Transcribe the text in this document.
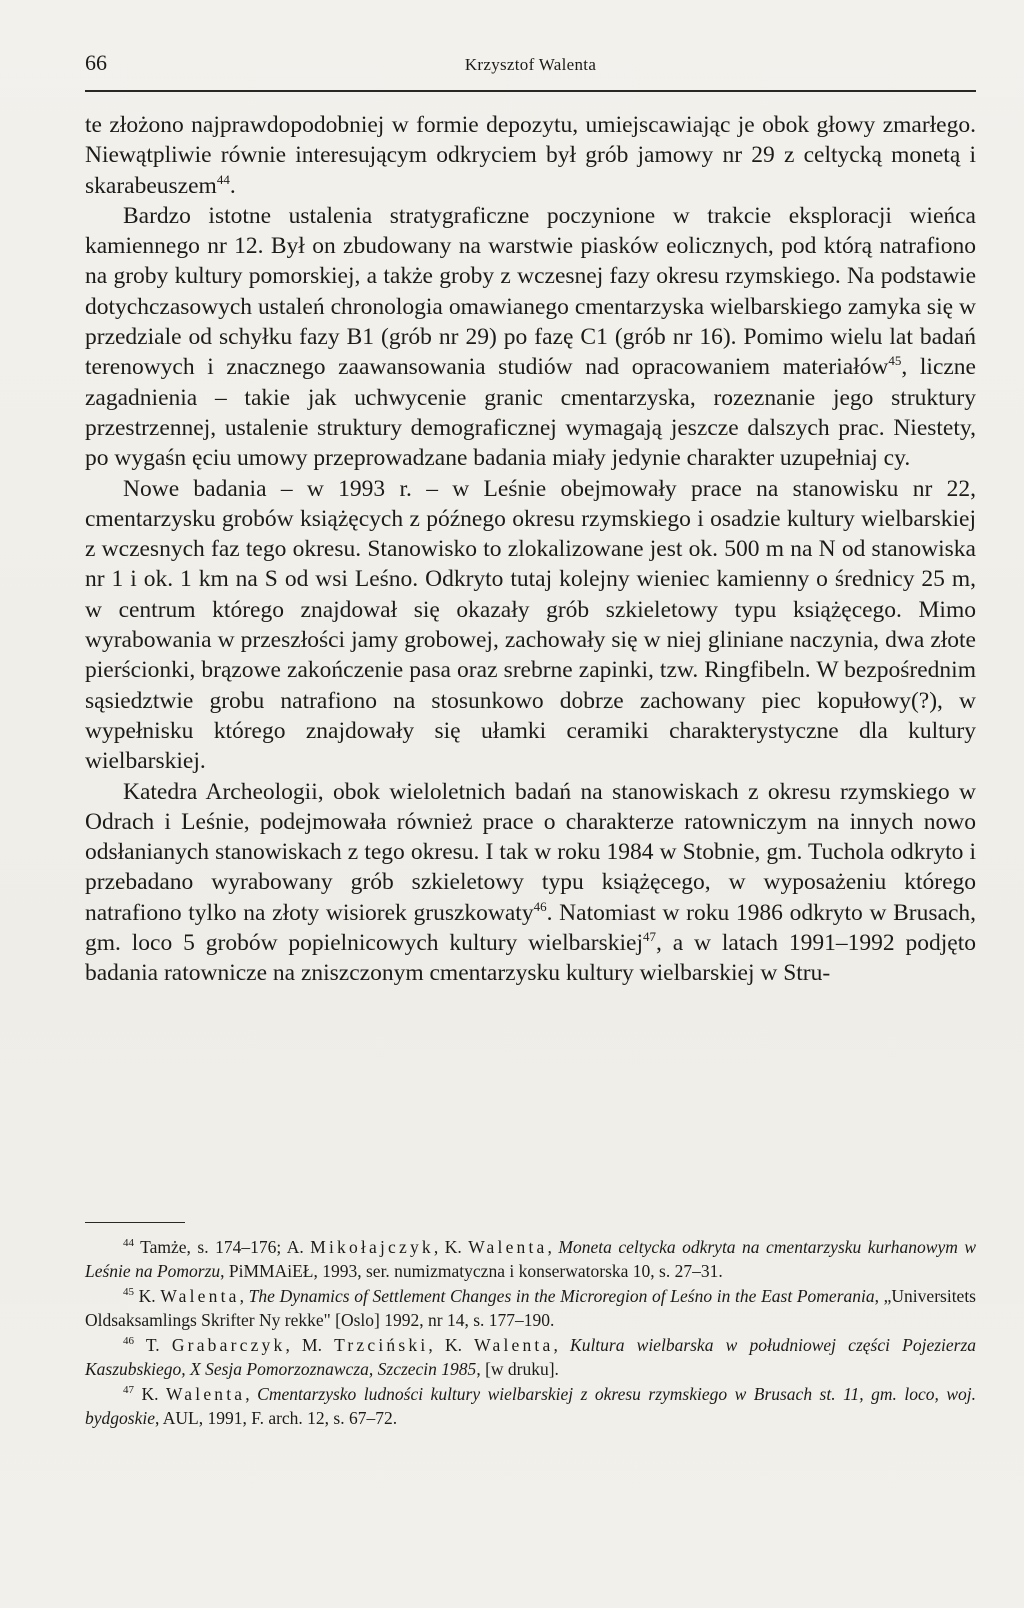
66	Krzysztof Walenta

te złożono najprawdopodobniej w formie depozytu, umiejscawiając je obok głowy zmarłego. Niewątpliwie równie interesującym odkryciem był grób jamowy nr 29 z celtycką monetą i skarabeuszem$^{44}$.

Bardzo istotne ustalenia stratygraficzne poczynione w trakcie eksploracji wieńca kamiennego nr 12. Był on zbudowany na warstwie piasków eolicznych, pod którą natrafiono na groby kultury pomorskiej, a także groby z wczesnej fazy okresu rzymskiego. Na podstawie dotychczasowych ustaleń chronologia omawianego cmentarzyska wielbarskiego zamyka się w przedziale od schyłku fazy B1 (grób nr 29) po fazę C1 (grób nr 16). Pomimo wielu lat badań terenowych i znacznego zaawansowania studiów nad opracowaniem materiałów$^{45}$, liczne zagadnienia – takie jak uchwycenie granic cmentarzyska, rozeznanie jego struktury przestrzennej, ustalenie struktury demograficznej wymagają jeszcze dalszych prac. Niestety, po wygaśn ęciu umowy przeprowadzane badania miały jedynie charakter uzupełniaj cy.

Nowe badania – w 1993 r. – w Leśnie obejmowały prace na stanowisku nr 22, cmentarzysku grobów książęcych z późnego okresu rzymskiego i osadzie kultury wielbarskiej z wczesnych faz tego okresu. Stanowisko to zlokalizowane jest ok. 500 m na N od stanowiska nr 1 i ok. 1 km na S od wsi Leśno. Odkryto tutaj kolejny wieniec kamienny o średnicy 25 m, w centrum którego znajdował się okazały grób szkieletowy typu książęcego. Mimo wyrabowania w przeszłości jamy grobowej, zachowały się w niej gliniane naczynia, dwa złote pierścionki, brązowe zakończenie pasa oraz srebrne zapinki, tzw. Ringfibeln. W bezpośrednim sąsiedztwie grobu natrafiono na stosunkowo dobrze zachowany piec kopułowy(?), w wypełnisku którego znajdowały się ułamki ceramiki charakterystyczne dla kultury wielbarskiej.

Katedra Archeologii, obok wieloletnich badań na stanowiskach z okresu rzymskiego w Odrach i Leśnie, podejmowała również prace o charakterze ratowniczym na innych nowo odsłanianych stanowiskach z tego okresu. I tak w roku 1984 w Stobnie, gm. Tuchola odkryto i przebadano wyrabowany grób szkieletowy typu książęcego, w wyposażeniu którego natrafiono tylko na złoty wisiorek gruszkowaty$^{46}$. Natomiast w roku 1986 odkryto w Brusach, gm. loco 5 grobów popielnicowych kultury wielbarskiej$^{47}$, a w latach 1991–1992 podjęto badania ratownicze na zniszczonym cmentarzysku kultury wielbarskiej w Stru-

$^{44}$ Tamże, s. 174–176; A. Mikołajczyk, K. Walenta, Moneta celtycka odkryta na cmentarzysku kurhanowym w Leśnie na Pomorzu, PiMMAiEŁ, 1993, ser. numizmatyczna i konserwatorska 10, s. 27–31.

$^{45}$ K. Walenta, The Dynamics of Settlement Changes in the Microregion of Leśno in the East Pomerania, „Universitets Oldsaksamlings Skrifter Ny rekke" [Oslo] 1992, nr 14, s. 177–190.

$^{46}$ T. Grabarczyk, M. Trzciński, K. Walenta, Kultura wielbarska w południowej części Pojezierza Kaszubskiego, X Sesja Pomorzoznawcza, Szczecin 1985, [w druku].

$^{47}$ K. Walenta, Cmentarzysko ludności kultury wielbarskiej z okresu rzymskiego w Brusach st. 11, gm. loco, woj. bydgoskie, AUL, 1991, F. arch. 12, s. 67–72.
